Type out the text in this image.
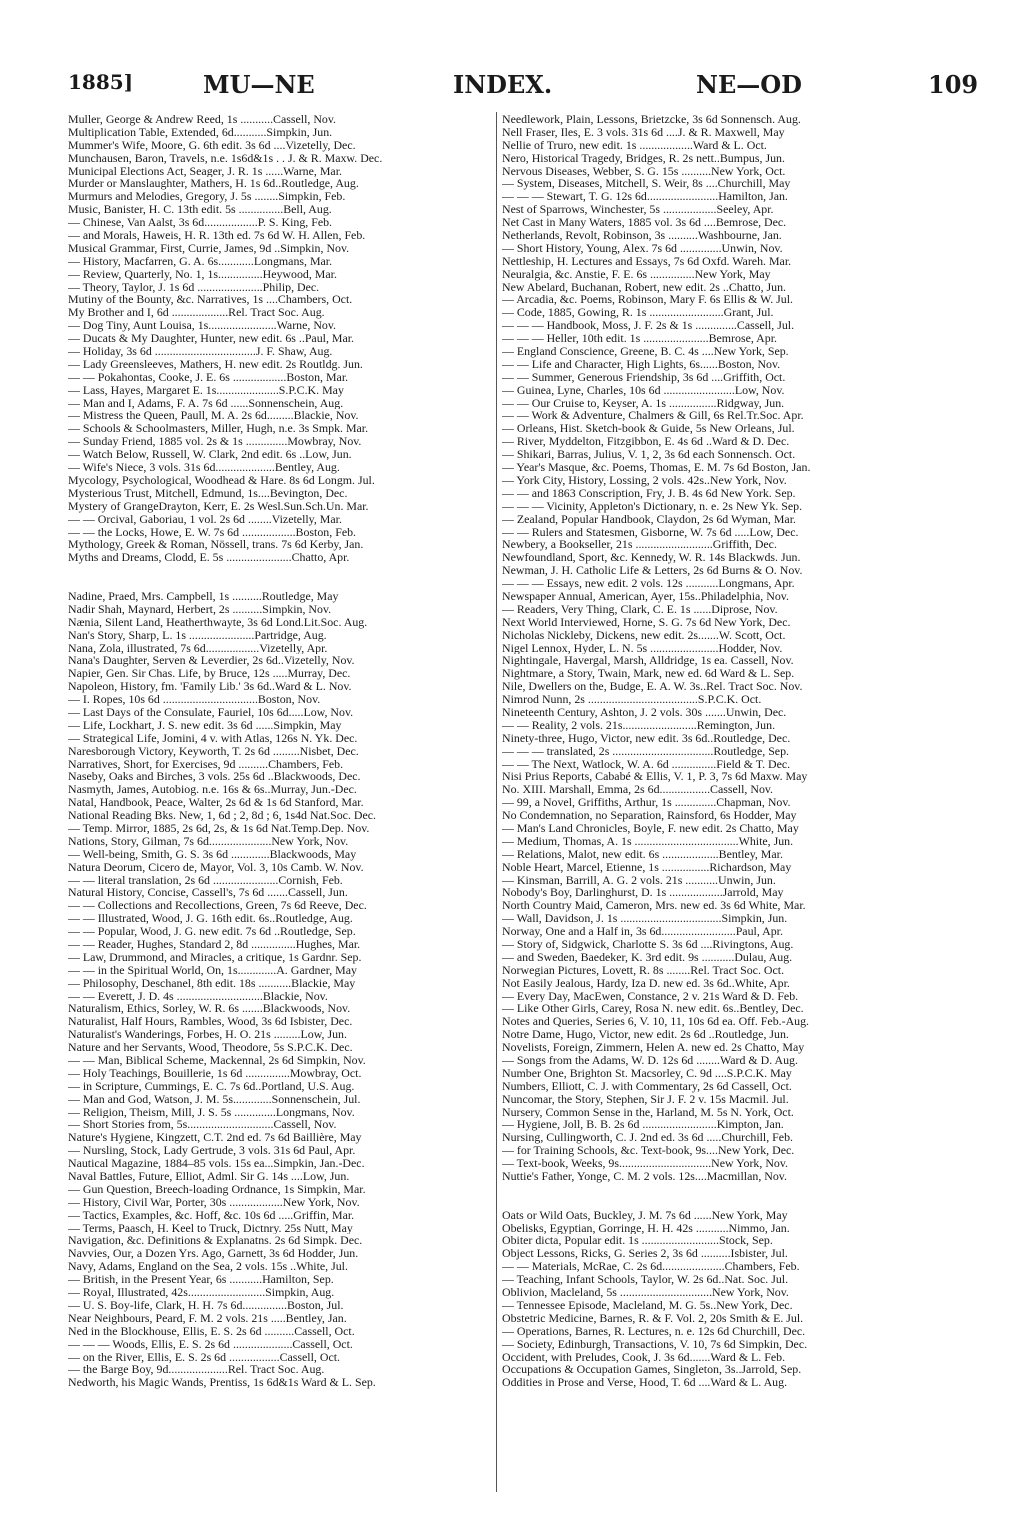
1885]	MU—NE	INDEX.	NE—OD	109
Muller, George & Andrew Reed, 1s ...........Cassell, Nov.
Multiplication Table, Extended, 6d...........Simpkin, Jun.
Mummer's Wife, Moore, G. 6th edit. 3s 6d ....Vizetelly, Dec.
Munchausen, Baron, Travels, n.e. 1s6d&1s . . J. & R. Maxw. Dec.
Municipal Elections Act, Seager, J. R. 1s ......Warne, Mar.
Murder or Manslaughter, Mathers, H. 1s 6d..Routledge, Aug.
Murmurs and Melodies, Gregory, J. 5s ........Simpkin, Feb.
Music, Banister, H. C. 13th edit. 5s ...............Bell, Aug.
— Chinese, Van Aalst, 3s 6d..................P. S. King, Feb.
— and Morals, Haweis, H. R. 13th ed. 7s 6d W. H. Allen, Feb.
Musical Grammar, First, Currie, James, 9d ..Simpkin, Nov.
— History, Macfarren, G. A. 6s............Longmans, Mar.
— Review, Quarterly, No. 1, 1s...............Heywood, Mar.
— Theory, Taylor, J. 1s 6d ......................Philip, Dec.
Mutiny of the Bounty, &c. Narratives, 1s ....Chambers, Oct.
My Brother and I, 6d ...................Rel. Tract Soc. Aug.
— Dog Tiny, Aunt Louisa, 1s.......................Warne, Nov.
— Ducats & My Daughter, Hunter, new edit. 6s ..Paul, Mar.
— Holiday, 3s 6d ..................................J. F. Shaw, Aug.
— Lady Greensleeves, Mathers, H. new edit. 2s Routldg. Jun.
— — Pokahontas, Cooke, J. E. 6s ..................Boston, Mar.
— Lass, Hayes, Margaret E. 1s.....................S.P.C.K. May
— Man and I, Adams, F. A. 7s 6d ......Sonnenschein, Aug.
— Mistress the Queen, Paull, M. A. 2s 6d.........Blackie, Nov.
— Schools & Schoolmasters, Miller, Hugh, n.e. 3s Smpk. Mar.
— Sunday Friend, 1885 vol. 2s & 1s ..............Mowbray, Nov.
— Watch Below, Russell, W. Clark, 2nd edit. 6s ..Low, Jun.
— Wife's Niece, 3 vols. 31s 6d....................Bentley, Aug.
Mycology, Psychological, Woodhead & Hare. 8s 6d Longm. Jul.
Mysterious Trust, Mitchell, Edmund, 1s....Bevington, Dec.
Mystery of GrangeDrayton, Kerr, E. 2s Wesl.Sun.Sch.Un. Mar.
— — Orcival, Gaboriau, 1 vol. 2s 6d ........Vizetelly, Mar.
— — the Locks, Howe, E. W. 7s 6d ..................Boston, Feb.
Mythology, Greek & Roman, Nössell, trans. 7s 6d Kerby, Jan.
Myths and Dreams, Clodd, E. 5s ......................Chatto, Apr.
Nadine, Praed, Mrs. Campbell, 1s ..........Routledge, May
Nadir Shah, Maynard, Herbert, 2s ..........Simpkin, Nov.
Nænia, Silent Land, Heatherthwayte, 3s 6d Lond.Lit.Soc. Aug.
Nan's Story, Sharp, L. 1s ......................Partridge, Aug.
Nana, Zola, illustrated, 7s 6d..................Vizetelly, Apr.
Nana's Daughter, Serven & Leverdier, 2s 6d..Vizetelly, Nov.
Napier, Gen. Sir Chas. Life, by Bruce, 12s .....Murray, Dec.
Napoleon, History, fm. 'Family Lib.' 3s 6d..Ward & L. Nov.
— I. Ropes, 10s 6d ................................Boston, Nov.
— Last Days of the Consulate, Fauriel, 10s 6d.....Low, Nov.
— Life, Lockhart, J. S. new edit. 3s 6d ......Simpkin, May
— Strategical Life, Jomini, 4 v. with Atlas, 126s N. Yk. Dec.
Naresborough Victory, Keyworth, T. 2s 6d .........Nisbet, Dec.
Narratives, Short, for Exercises, 9d ..........Chambers, Feb.
Naseby, Oaks and Birches, 3 vols. 25s 6d ..Blackwoods, Dec.
Nasmyth, James, Autobiog. n.e. 16s & 6s..Murray, Jun.-Dec.
Natal, Handbook, Peace, Walter, 2s 6d & 1s 6d Stanford, Mar.
National Reading Bks. New, 1, 6d ; 2, 8d ; 6, 1s4d Nat.Soc. Dec.
— Temp. Mirror, 1885, 2s 6d, 2s, & 1s 6d Nat.Temp.Dep. Nov.
Nations, Story, Gilman, 7s 6d.....................New York, Nov.
— Well-being, Smith, G. S. 3s 6d .............Blackwoods, May
Natura Deorum, Cicero de, Mayor, Vol. 3, 10s Camb. W. Nov.
— — literal translation, 2s 6d ......................Cornish, Feb.
Natural History, Concise, Cassell's, 7s 6d .......Cassell, Jun.
— — Collections and Recollections, Green, 7s 6d Reeve, Dec.
— — Illustrated, Wood, J. G. 16th edit. 6s..Routledge, Aug.
— — Popular, Wood, J. G. new edit. 7s 6d ..Routledge, Sep.
— — Reader, Hughes, Standard 2, 8d ...............Hughes, Mar.
— Law, Drummond, and Miracles, a critique, 1s Gardnr. Sep.
— — in the Spiritual World, On, 1s.............A. Gardner, May
— Philosophy, Deschanel, 8th edit. 18s ...........Blackie, May
— — Everett, J. D. 4s .............................Blackie, Nov.
Naturalism, Ethics, Sorley, W. R. 6s .......Blackwoods, Nov.
Naturalist, Half Hours, Rambles, Wood, 3s 6d Isbister, Dec.
Naturalist's Wanderings, Forbes, H. O. 21s .........Low, Jun.
Nature and her Servants, Wood, Theodore, 5s S.P.C.K. Dec.
— — Man, Biblical Scheme, Mackennal, 2s 6d Simpkin, Nov.
— Holy Teachings, Bouillerie, 1s 6d ...............Mowbray, Oct.
— in Scripture, Cummings, E. C. 7s 6d..Portland, U.S. Aug.
— Man and God, Watson, J. M. 5s.............Sonnenschein, Jul.
— Religion, Theism, Mill, J. S. 5s ..............Longmans, Nov.
— Short Stories from, 5s.............................Cassell, Nov.
Nature's Hygiene, Kingzett, C.T. 2nd ed. 7s 6d Baillière, May
— Nursling, Stock, Lady Gertrude, 3 vols. 31s 6d Paul, Apr.
Nautical Magazine, 1884–85 vols. 15s ea...Simpkin, Jan.-Dec.
Naval Battles, Future, Elliot, Adml. Sir G. 14s ....Low, Jun.
— Gun Question, Breech-loading Ordnance, 1s Simpkin, Mar.
— History, Civil War, Porter, 30s ..................New York, Nov.
— Tactics, Examples, &c. Hoff, &c. 10s 6d .....Griffin, Mar.
— Terms, Paasch, H. Keel to Truck, Dictnry. 25s Nutt, May
Navigation, &c. Definitions & Explanatns. 2s 6d Simpk. Dec.
Navvies, Our, a Dozen Yrs. Ago, Garnett, 3s 6d Hodder, Jun.
Navy, Adams, England on the Sea, 2 vols. 15s ..White, Jul.
— British, in the Present Year, 6s ...........Hamilton, Sep.
— Royal, Illustrated, 42s..........................Simpkin, Aug.
— U. S. Boy-life, Clark, H. H. 7s 6d...............Boston, Jul.
Near Neighbours, Peard, F. M. 2 vols. 21s .....Bentley, Jan.
Ned in the Blockhouse, Ellis, E. S. 2s 6d ..........Cassell, Oct.
— — — Woods, Ellis, E. S. 2s 6d ....................Cassell, Oct.
— on the River, Ellis, E. S. 2s 6d .................Cassell, Oct.
— the Barge Boy, 9d....................Rel. Tract Soc. Aug.
Nedworth, his Magic Wands, Prentiss, 1s 6d&1s Ward & L. Sep.
Needlework, Plain, Lessons, Brietzcke, 3s 6d Sonnensch. Aug.
Nell Fraser, Iles, E. 3 vols. 31s 6d ....J. & R. Maxwell, May
Nellie of Truro, new edit. 1s ..................Ward & L. Oct.
Nero, Historical Tragedy, Bridges, R. 2s nett..Bumpus, Jun.
Nervous Diseases, Webber, S. G. 15s ..........New York, Oct.
— System, Diseases, Mitchell, S. Weir, 8s ....Churchill, May
— — — Stewart, T. G. 12s 6d........................Hamilton, Jan.
Nest of Sparrows, Winchester, 5s ..................Seeley, Apr.
Net Cast in Many Waters, 1885 vol. 3s 6d ....Bemrose, Dec.
Netherlands, Revolt, Robinson, 3s ..........Washbourne, Jan.
— Short History, Young, Alex. 7s 6d ..............Unwin, Nov.
Nettleship, H. Lectures and Essays, 7s 6d Oxfd. Wareh. Mar.
Neuralgia, &c. Anstie, F. E. 6s ...............New York, May
New Abelard, Buchanan, Robert, new edit. 2s ..Chatto, Jun.
— Arcadia, &c. Poems, Robinson, Mary F. 6s Ellis & W. Jul.
— Code, 1885, Gowing, R. 1s .........................Grant, Jul.
— — — Handbook, Moss, J. F. 2s & 1s ..............Cassell, Jul.
— — — Heller, 10th edit. 1s ......................Bemrose, Apr.
— England Conscience, Greene, B. C. 4s ....New York, Sep.
— — Life and Character, High Lights, 6s......Boston, Nov.
— — Summer, Generous Friendship, 3s 6d ....Griffith, Oct.
— Guinea, Lyne, Charles, 10s 6d ........................Low, Nov.
— — Our Cruise to, Keyser, A. 1s ................Ridgway, Jun.
— — Work & Adventure, Chalmers & Gill, 6s Rel.Tr.Soc. Apr.
— Orleans, Hist. Sketch-book & Guide, 5s New Orleans, Jul.
— River, Myddelton, Fitzgibbon, E. 4s 6d ..Ward & D. Dec.
— Shikari, Barras, Julius, V. 1, 2, 3s 6d each Sonnensch. Oct.
— Year's Masque, &c. Poems, Thomas, E. M. 7s 6d Boston, Jan.
— York City, History, Lossing, 2 vols. 42s..New York, Nov.
— — and 1863 Conscription, Fry, J. B. 4s 6d New York. Sep.
— — — Vicinity, Appleton's Dictionary, n. e. 2s New Yk. Sep.
— Zealand, Popular Handbook, Claydon, 2s 6d Wyman, Mar.
— — Rulers and Statesmen, Gisborne, W. 7s 6d .....Low, Dec.
Newbery, a Bookseller, 21s ..........................Griffith, Dec.
Newfoundland, Sport, &c. Kennedy, W. R. 14s Blackwds. Jun.
Newman, J. H. Catholic Life & Letters, 2s 6d Burns & O. Nov.
— — — Essays, new edit. 2 vols. 12s ...........Longmans, Apr.
Newspaper Annual, American, Ayer, 15s..Philadelphia, Nov.
— Readers, Very Thing, Clark, C. E. 1s ......Diprose, Nov.
Next World Interviewed, Horne, S. G. 7s 6d New York, Dec.
Nicholas Nickleby, Dickens, new edit. 2s.......W. Scott, Oct.
Nigel Lennox, Hyder, L. N. 5s .......................Hodder, Nov.
Nightingale, Havergal, Marsh, Alldridge, 1s ea. Cassell, Nov.
Nightmare, a Story, Twain, Mark, new ed. 6d Ward & L. Sep.
Nile, Dwellers on the, Budge, E. A. W. 3s..Rel. Tract Soc. Nov.
Nimrod Nunn, 2s .....................................S.P.C.K. Oct.
Nineteenth Century, Ashton, J. 2 vols. 30s .......Unwin, Dec.
— — Reality, 2 vols. 21s.........................Remington, Jun.
Ninety-three, Hugo, Victor, new edit. 3s 6d..Routledge, Dec.
— — — translated, 2s ..................................Routledge, Sep.
— — The Next, Watlock, W. A. 6d ...............Field & T. Dec.
Nisi Prius Reports, Cababé & Ellis, V. 1, P. 3, 7s 6d Maxw. May
No. XIII. Marshall, Emma, 2s 6d.................Cassell, Nov.
— 99, a Novel, Griffiths, Arthur, 1s ..............Chapman, Nov.
No Condemnation, no Separation, Rainsford, 6s Hodder, May
— Man's Land Chronicles, Boyle, F. new edit. 2s Chatto, May
— Medium, Thomas, A. 1s ...................................White, Jun.
— Relations, Malot, new edit. 6s ...................Bentley, Mar.
Noble Heart, Marcel, Etienne, 1s ................Richardson, May
— Kinsman, Barrill, A. G. 2 vols. 21s ...........Unwin, Jun.
Nobody's Boy, Darlinghurst, D. 1s ..................Jarrold, May
North Country Maid, Cameron, Mrs. new ed. 3s 6d White, Mar.
— Wall, Davidson, J. 1s ..................................Simpkin, Jun.
Norway, One and a Half in, 3s 6d.........................Paul, Apr.
— Story of, Sidgwick, Charlotte S. 3s 6d ....Rivingtons, Aug.
— and Sweden, Baedeker, K. 3rd edit. 9s ...........Dulau, Aug.
Norwegian Pictures, Lovett, R. 8s ........Rel. Tract Soc. Oct.
Not Easily Jealous, Hardy, Iza D. new ed. 3s 6d..White, Apr.
— Every Day, MacEwen, Constance, 2 v. 21s Ward & D. Feb.
— Like Other Girls, Carey, Rosa N. new edit. 6s..Bentley, Dec.
Notes and Queries, Series 6, V. 10, 11, 10s 6d ea. Off. Feb.-Aug.
Notre Dame, Hugo, Victor, new edit. 2s 6d ..Routledge, Jun.
Novelists, Foreign, Zimmern, Helen A. new ed. 2s Chatto, May
— Songs from the Adams, W. D. 12s 6d ........Ward & D. Aug.
Number One, Brighton St. Macsorley, C. 9d ....S.P.C.K. May
Numbers, Elliott, C. J. with Commentary, 2s 6d Cassell, Oct.
Nuncomar, the Story, Stephen, Sir J. F. 2 v. 15s Macmil. Jul.
Nursery, Common Sense in the, Harland, M. 5s N. York, Oct.
— Hygiene, Joll, B. B. 2s 6d .........................Kimpton, Jan.
Nursing, Cullingworth, C. J. 2nd ed. 3s 6d .....Churchill, Feb.
— for Training Schools, &c. Text-book, 9s....New York, Dec.
— Text-book, Weeks, 9s...............................New York, Nov.
Nuttie's Father, Yonge, C. M. 2 vols. 12s....Macmillan, Nov.
Oats or Wild Oats, Buckley, J. M. 7s 6d ......New York, May
Obelisks, Egyptian, Gorringe, H. H. 42s ...........Nimmo, Jan.
Obiter dicta, Popular edit. 1s ..........................Stock, Sep.
Object Lessons, Ricks, G. Series 2, 3s 6d ..........Isbister, Jul.
— — Materials, McRae, C. 2s 6d.....................Chambers, Feb.
— Teaching, Infant Schools, Taylor, W. 2s 6d..Nat. Soc. Jul.
Oblivion, Macleland, 5s ...............................New York, Nov.
— Tennessee Episode, Macleland, M. G. 5s..New York, Dec.
Obstetric Medicine, Barnes, R. & F. Vol. 2, 20s Smith & E. Jul.
— Operations, Barnes, R. Lectures, n. e. 12s 6d Churchill, Dec.
— Society, Edinburgh, Transactions, V. 10, 7s 6d Simpkin, Dec.
Occident, with Preludes, Cook, J. 3s 6d.......Ward & L. Feb.
Occupations & Occupation Games, Singleton, 3s..Jarrold, Sep.
Oddities in Prose and Verse, Hood, T. 6d ....Ward & L. Aug.
